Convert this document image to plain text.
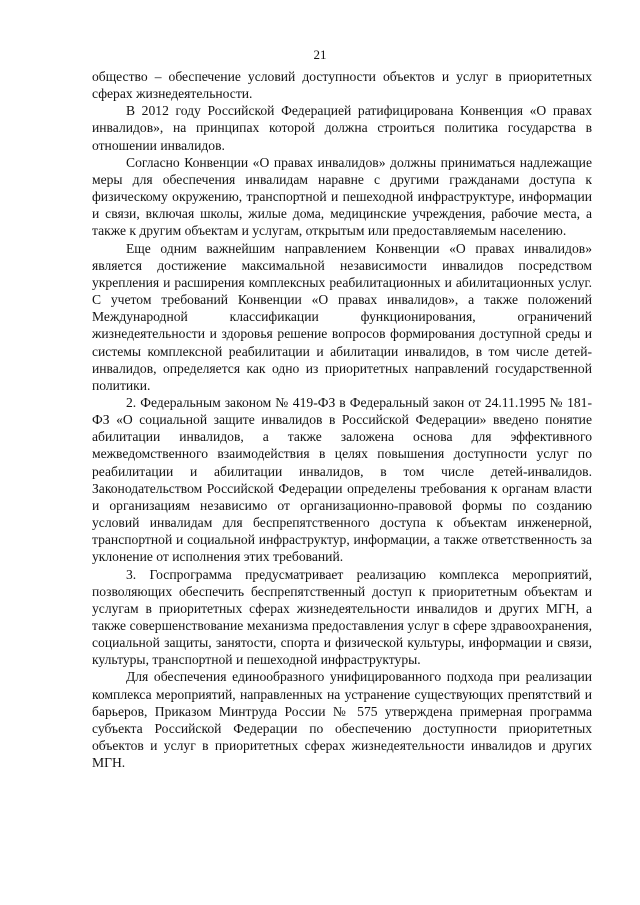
21

общество – обеспечение условий доступности объектов и услуг в приоритетных сферах жизнедеятельности.

В 2012 году Российской Федерацией ратифицирована Конвенция «О правах инвалидов», на принципах которой должна строиться политика государства в отношении инвалидов.

Согласно Конвенции «О правах инвалидов» должны приниматься надлежащие меры для обеспечения инвалидам наравне с другими гражданами доступа к физическому окружению, транспортной и пешеходной инфраструктуре, информации и связи, включая школы, жилые дома, медицинские учреждения, рабочие места, а также к другим объектам и услугам, открытым или предоставляемым населению.

Еще одним важнейшим направлением Конвенции «О правах инвалидов» является достижение максимальной независимости инвалидов посредством укрепления и расширения комплексных реабилитационных и абилитационных услуг. С учетом требований Конвенции «О правах инвалидов», а также положений Международной классификации функционирования, ограничений жизнедеятельности и здоровья решение вопросов формирования доступной среды и системы комплексной реабилитации и абилитации инвалидов, в том числе детей-инвалидов, определяется как одно из приоритетных направлений государственной политики.

2. Федеральным законом № 419-ФЗ в Федеральный закон от 24.11.1995 № 181-ФЗ «О социальной защите инвалидов в Российской Федерации» введено понятие абилитации инвалидов, а также заложена основа для эффективного межведомственного взаимодействия в целях повышения доступности услуг по реабилитации и абилитации инвалидов, в том числе детей-инвалидов. Законодательством Российской Федерации определены требования к органам власти и организациям независимо от организационно-правовой формы по созданию условий инвалидам для беспрепятственного доступа к объектам инженерной, транспортной и социальной инфраструктур, информации, а также ответственность за уклонение от исполнения этих требований.

3. Госпрограмма предусматривает реализацию комплекса мероприятий, позволяющих обеспечить беспрепятственный доступ к приоритетным объектам и услугам в приоритетных сферах жизнедеятельности инвалидов и других МГН, а также совершенствование механизма предоставления услуг в сфере здравоохранения, социальной защиты, занятости, спорта и физической культуры, информации и связи, культуры, транспортной и пешеходной инфраструктуры.

Для обеспечения единообразного унифицированного подхода при реализации комплекса мероприятий, направленных на устранение существующих препятствий и барьеров, Приказом Минтруда России № 575 утверждена примерная программа субъекта Российской Федерации по обеспечению доступности приоритетных объектов и услуг в приоритетных сферах жизнедеятельности инвалидов и других МГН.
